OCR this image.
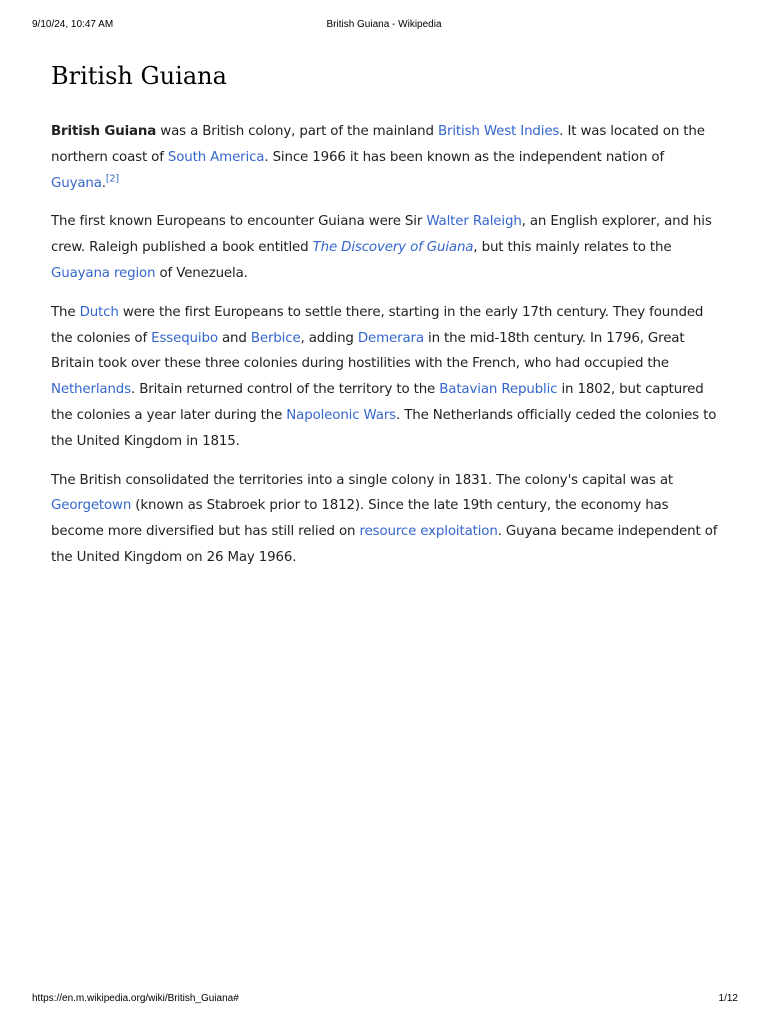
9/10/24, 10:47 AM	British Guiana - Wikipedia
British Guiana

British Guiana was a British colony, part of the mainland British West Indies. It was located on the northern coast of South America. Since 1966 it has been known as the independent nation of Guyana.[2]

The first known Europeans to encounter Guiana were Sir Walter Raleigh, an English explorer, and his crew. Raleigh published a book entitled The Discovery of Guiana, but this mainly relates to the Guayana region of Venezuela.

The Dutch were the first Europeans to settle there, starting in the early 17th century. They founded the colonies of Essequibo and Berbice, adding Demerara in the mid-18th century. In 1796, Great Britain took over these three colonies during hostilities with the French, who had occupied the Netherlands. Britain returned control of the territory to the Batavian Republic in 1802, but captured the colonies a year later during the Napoleonic Wars. The Netherlands officially ceded the colonies to the United Kingdom in 1815.

The British consolidated the territories into a single colony in 1831. The colony's capital was at Georgetown (known as Stabroek prior to 1812). Since the late 19th century, the economy has become more diversified but has still relied on resource exploitation. Guyana became independent of the United Kingdom on 26 May 1966.

https://en.m.wikipedia.org/wiki/British_Guiana#	1/12
